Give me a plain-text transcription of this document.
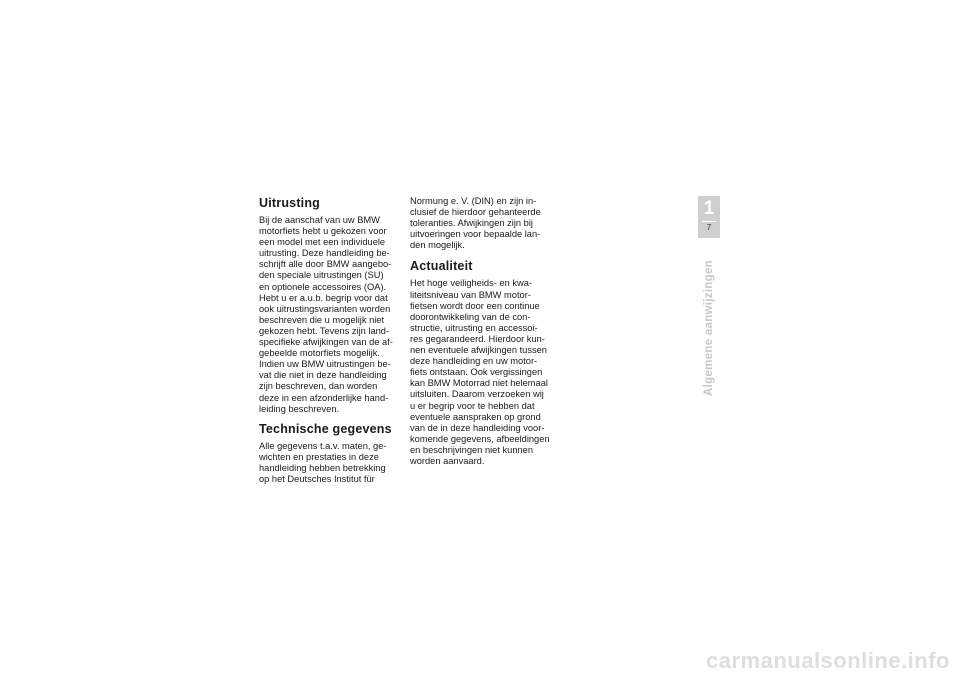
Uitrusting
Bij de aanschaf van uw BMW
motorfiets hebt u gekozen voor
een model met een individuele
uitrusting. Deze handleiding be-
schrijft alle door BMW aangebo-
den speciale uitrustingen (SU)
en optionele accessoires (OA).
Hebt u er a.u.b. begrip voor dat
ook uitrustingsvarianten worden
beschreven die u mogelijk niet
gekozen hebt. Tevens zijn land-
specifieke afwijkingen van de af-
gebeelde motorfiets mogelijk.
Indien uw BMW uitrustingen be-
vat die niet in deze handleiding
zijn beschreven, dan worden
deze in een afzonderlijke hand-
leiding beschreven.
Technische gegevens
Alle gegevens t.a.v. maten, ge-
wichten en prestaties in deze
handleiding hebben betrekking
op het Deutsches Institut für
Normung e. V. (DIN) en zijn in-
clusief de hierdoor gehanteerde
toleranties. Afwijkingen zijn bij
uitvoeringen voor bepaalde lan-
den mogelijk.
Actualiteit
Het hoge veiligheids- en kwa-
liteitsniveau van BMW motor-
fietsen wordt door een continue
doorontwikkeling van de con-
structie, uitrusting en accessoi-
res gegarandeerd. Hierdoor kun-
nen eventuele afwijkingen tussen
deze handleiding en uw motor-
fiets ontstaan. Ook vergissingen
kan BMW Motorrad niet helemaal
uitsluiten. Daarom verzoeken wij
u er begrip voor te hebben dat
eventuele aanspraken op grond
van de in deze handleiding voor-
komende gegevens, afbeeldingen
en beschrijvingen niet kunnen
worden aanvaard.
1
7
Algemene aanwijzingen
carmanualsonline.info
